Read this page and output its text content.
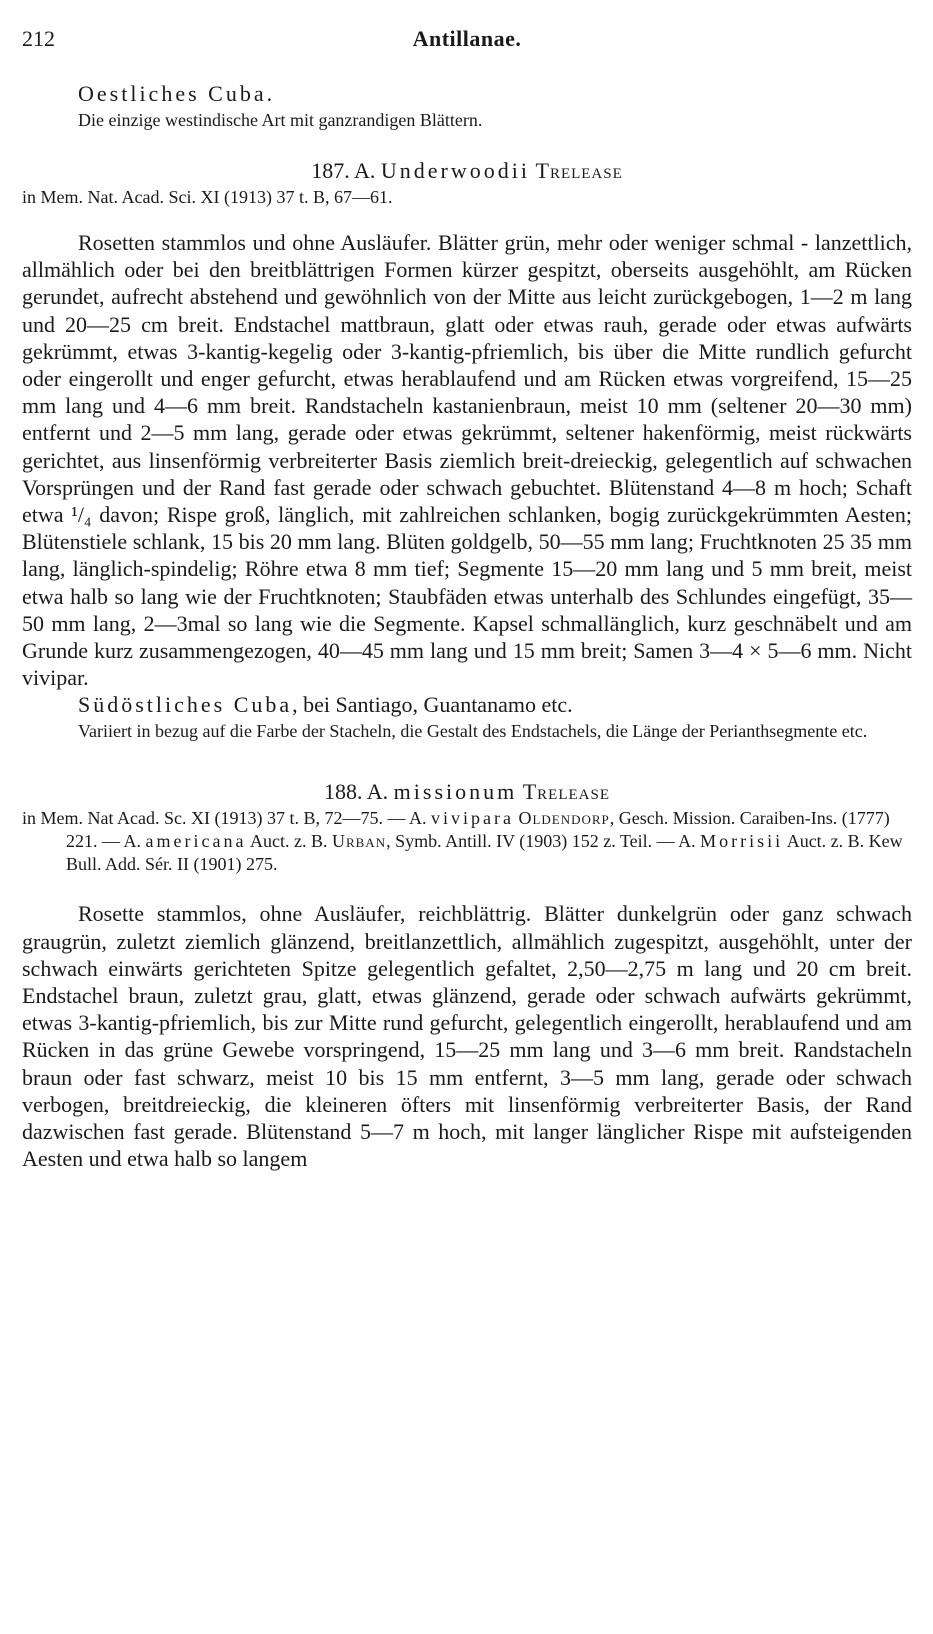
212	Antillanae.

Oestliches Cuba.

Die einzige westindische Art mit ganzrandigen Blättern.

187. A. Underwoodii Trelease

in Mem. Nat. Acad. Sci. XI (1913) 37 t. B, 67—61.

Rosetten stammlos und ohne Ausläufer. Blätter grün, mehr oder weniger schmal - lanzettlich, allmählich oder bei den breitblättrigen Formen kürzer gespitzt, oberseits ausgehöhlt, am Rücken gerundet, aufrecht abstehend und gewöhnlich von der Mitte aus leicht zurückgebogen, 1—2 m lang und 20—25 cm breit. Endstachel mattbraun, glatt oder etwas rauh, gerade oder etwas aufwärts gekrümmt, etwas 3-kantig-kegelig oder 3-kantig-pfriemlich, bis über die Mitte rundlich gefurcht oder eingerollt und enger gefurcht, etwas herablaufend und am Rücken etwas vorgreifend, 15—25 mm lang und 4—6 mm breit. Randstacheln kastanienbraun, meist 10 mm (seltener 20—30 mm) entfernt und 2—5 mm lang, gerade oder etwas gekrümmt, seltener hakenförmig, meist rückwärts gerichtet, aus linsenförmig verbreiterter Basis ziemlich breit-dreieckig, gelegentlich auf schwachen Vorsprüngen und der Rand fast gerade oder schwach gebuchtet. Blütenstand 4—8 m hoch; Schaft etwa ¹/₄ davon; Rispe groß, länglich, mit zahlreichen schlanken, bogig zurückgekrümmten Aesten; Blütenstiele schlank, 15 bis 20 mm lang. Blüten goldgelb, 50—55 mm lang; Fruchtknoten 25 35 mm lang, länglich-spindelig; Röhre etwa 8 mm tief; Segmente 15—20 mm lang und 5 mm breit, meist etwa halb so lang wie der Fruchtknoten; Staubfäden etwas unterhalb des Schlundes eingefügt, 35—50 mm lang, 2—3mal so lang wie die Segmente. Kapsel schmallänglich, kurz geschnäbelt und am Grunde kurz zusammengezogen, 40—45 mm lang und 15 mm breit; Samen 3—4 × 5—6 mm. Nicht vivipar.

Südöstliches Cuba, bei Santiago, Guantanamo etc.

Variiert in bezug auf die Farbe der Stacheln, die Gestalt des Endstachels, die Länge der Perianthsegmente etc.

188. A. missionum Trelease

in Mem. Nat Acad. Sc. XI (1913) 37 t. B, 72—75. — A. vivipara Oldendorp, Gesch. Mission. Caraiben-Ins. (1777) 221. — A. americana Auct. z. B. Urban, Symb. Antill. IV (1903) 152 z. Teil. — A. Morrisii Auct. z. B. Kew Bull. Add. Sér. II (1901) 275.

Rosette stammlos, ohne Ausläufer, reichblättrig. Blätter dunkelgrün oder ganz schwach graugrün, zuletzt ziemlich glänzend, breitlanzettlich, allmählich zugespitzt, ausgehöhlt, unter der schwach einwärts gerichteten Spitze gelegentlich gefaltet, 2,50—2,75 m lang und 20 cm breit. Endstachel braun, zuletzt grau, glatt, etwas glänzend, gerade oder schwach aufwärts gekrümmt, etwas 3-kantig-pfriemlich, bis zur Mitte rund gefurcht, gelegentlich eingerollt, herablaufend und am Rücken in das grüne Gewebe vorspringend, 15—25 mm lang und 3—6 mm breit. Randstacheln braun oder fast schwarz, meist 10 bis 15 mm entfernt, 3—5 mm lang, gerade oder schwach verbogen, breitdreieckig, die kleineren öfters mit linsenförmig verbreiterter Basis, der Rand dazwischen fast gerade. Blütenstand 5—7 m hoch, mit langer länglicher Rispe mit aufsteigenden Aesten und etwa halb so langem
